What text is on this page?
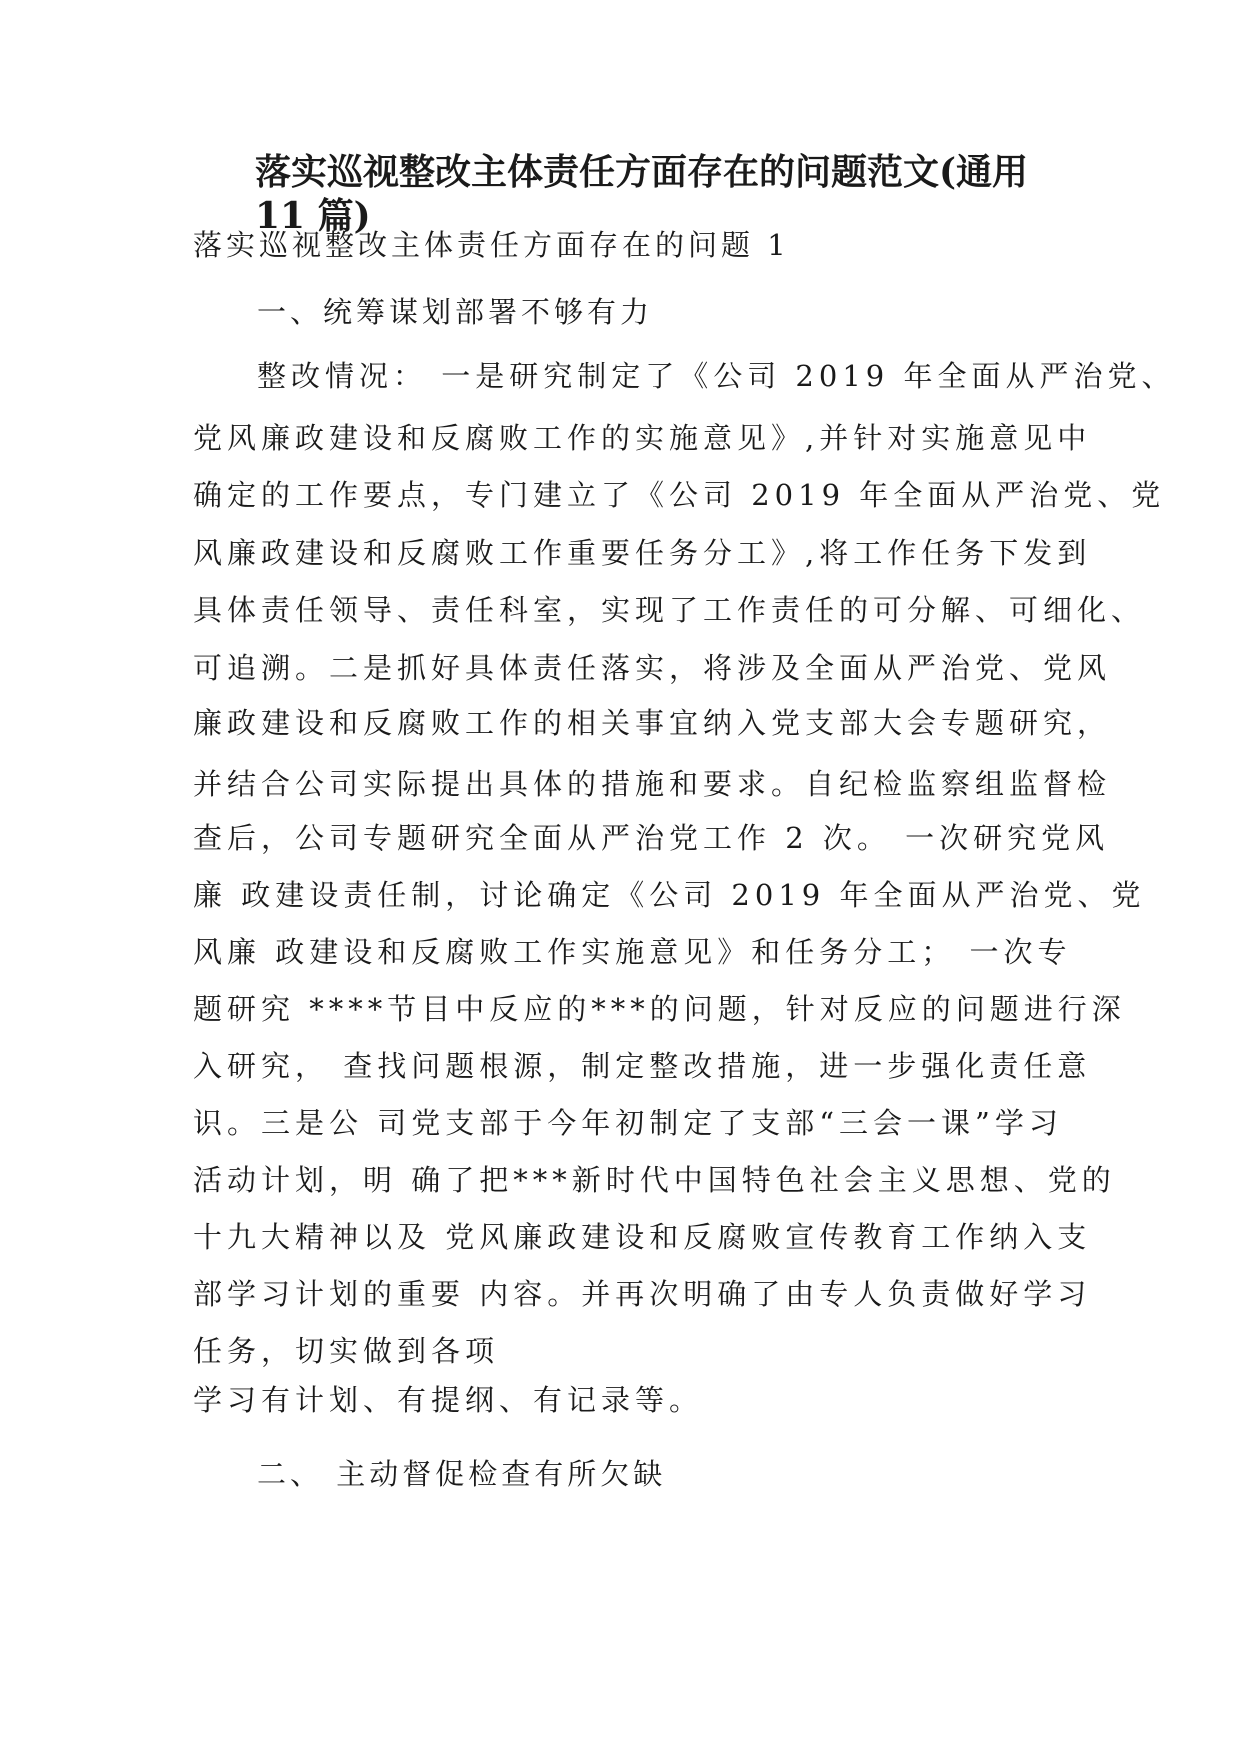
落实巡视整改主体责任方面存在的问题范文(通用 11 篇)

落实巡视整改主体责任方面存在的问题 1

一、统筹谋划部署不够有力

整改情况： 一是研究制定了《公司 2019 年全面从严治党、

党风廉政建设和反腐败工作的实施意见》,并针对实施意见中

确定的工作要点，专门建立了《公司 2019 年全面从严治党、党

风廉政建设和反腐败工作重要任务分工》,将工作任务下发到

具体责任领导、责任科室，实现了工作责任的可分解、可细化、

可追溯。二是抓好具体责任落实，将涉及全面从严治党、党风

廉政建设和反腐败工作的相关事宜纳入党支部大会专题研究，

并结合公司实际提出具体的措施和要求。自纪检监察组监督检

查后，公司专题研究全面从严治党工作 2 次。 一次研究党风

廉 政建设责任制，讨论确定《公司 2019 年全面从严治党、党

风廉 政建设和反腐败工作实施意见》和任务分工； 一次专

题研究 ****节目中反应的***的问题，针对反应的问题进行深

入研究， 查找问题根源，制定整改措施，进一步强化责任意

识。三是公 司党支部于今年初制定了支部“三会一课”学习

活动计划，明 确了把***新时代中国特色社会主义思想、党的

十九大精神以及 党风廉政建设和反腐败宣传教育工作纳入支

部学习计划的重要 内容。并再次明确了由专人负责做好学习

任务，切实做到各项

学习有计划、有提纲、有记录等。

二、 主动督促检查有所欠缺
